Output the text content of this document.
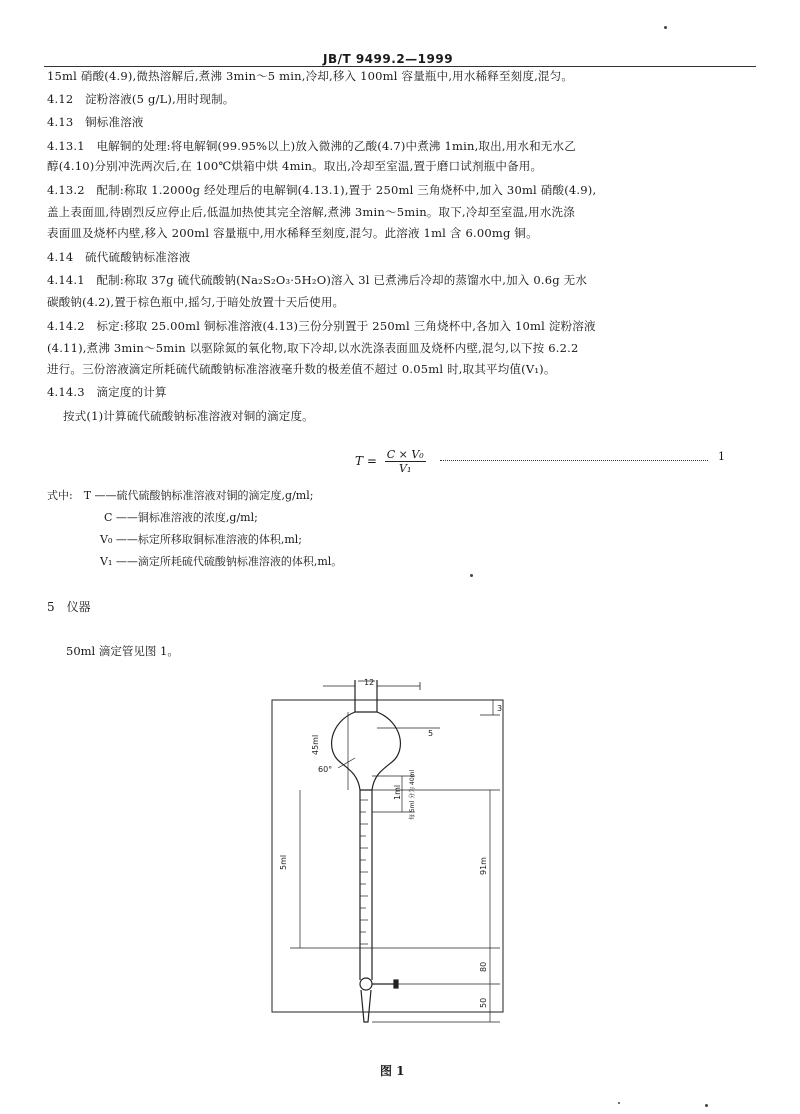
JB/T 9499.2—1999
15ml 硝酸(4.9),微热溶解后,煮沸 3min～5 min,冷却,移入 100ml 容量瓶中,用水稀释至刻度,混匀。
4.12　淀粉溶液(5 g/L),用时现制。
4.13　铜标准溶液
4.13.1　电解铜的处理:将电解铜(99.95%以上)放入微沸的乙酸(4.7)中煮沸 1min,取出,用水和无水乙
醇(4.10)分别冲洗两次后,在 100℃烘箱中烘 4min。取出,冷却至室温,置于磨口试剂瓶中备用。
4.13.2　配制:称取 1.2000g 经处理后的电解铜(4.13.1),置于 250ml 三角烧杯中,加入 30ml 硝酸(4.9),
盖上表面皿,待剧烈反应停止后,低温加热使其完全溶解,煮沸 3min～5min。取下,冷却至室温,用水洗涤
表面皿及烧杯内壁,移入 200ml 容量瓶中,用水稀释至刻度,混匀。此溶液 1ml 含 6.00mg 铜。
4.14　硫代硫酸钠标准溶液
4.14.1　配制:称取 37g 硫代硫酸钠(Na₂S₂O₃·5H₂O)溶入 3l 已煮沸后冷却的蒸馏水中,加入 0.6g 无水
碳酸钠(4.2),置于棕色瓶中,摇匀,于暗处放置十天后使用。
4.14.2　标定:移取 25.00ml 铜标准溶液(4.13)三份分别置于 250ml 三角烧杯中,各加入 10ml 淀粉溶液
(4.11),煮沸 3min～5min 以驱除氮的氧化物,取下冷却,以水洗涤表面皿及烧杯内壁,混匀,以下按 6.2.2
进行。三份溶液滴定所耗硫代硫酸钠标准溶液毫升数的极差值不超过 0.05ml 时,取其平均值(V₁)。
4.14.3　滴定度的计算
按式(1)计算硫代硫酸钠标准溶液对铜的滴定度。
$T = \frac{\text{C × V₀}}{\text{V₁}}$	1
式中:　T ——硫代硫酸钠标准溶液对铜的滴定度,g/ml;
C ——铜标准溶液的浓度,g/ml;
V₀ ——标定所移取铜标准溶液的体积,ml;
V₁ ——滴定所耗硫代硫酸钠标准溶液的体积,ml。
5　仪器
50ml 滴定管见图 1。
12
3
5
45ml
60°
1ml 每 5ml 分为 40ml
5ml	91m
80
50
图 1
